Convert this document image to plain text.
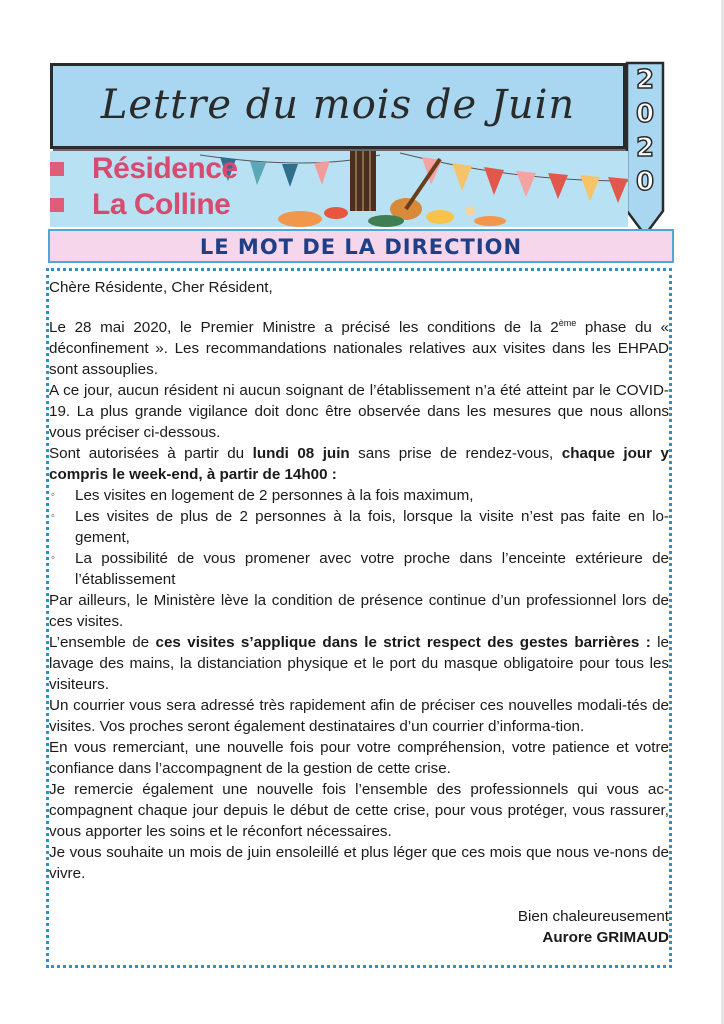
Lettre du mois de Juin
2
0
2
0
Résidence
La Colline
LE MOT DE LA DIRECTION

Chère Résidente, Cher Résident,

Le 28 mai 2020, le Premier Ministre a précisé les conditions de la 2ème phase du « déconfinement ». Les recommandations nationales relatives aux visites dans les EHPAD sont assouplies.

A ce jour, aucun résident ni aucun soignant de l’établissement n’a été atteint par le COVID-19. La plus grande vigilance doit donc être observée dans les mesures que nous allons vous préciser ci-dessous.

Sont autorisées à partir du lundi 08 juin sans prise de rendez-vous, chaque jour y compris le week-end, à partir de 14h00 :

◦ Les visites en logement de 2 personnes à la fois maximum,
◦ Les visites de plus de 2 personnes à la fois, lorsque la visite n’est pas faite en lo-gement,
◦ La possibilité de vous promener avec votre proche dans l’enceinte extérieure de l’établissement

Par ailleurs, le Ministère lève la condition de présence continue d’un professionnel lors de ces visites.

L’ensemble de ces visites s’applique dans le strict respect des gestes barrières : le lavage des mains, la distanciation physique et le port du masque obligatoire pour tous les visiteurs.

Un courrier vous sera adressé très rapidement afin de préciser ces nouvelles modali-tés de visites. Vos proches seront également destinataires d’un courrier d’informa-tion.

En vous remerciant, une nouvelle fois pour votre compréhension, votre patience et votre confiance dans l’accompagnent de la gestion de cette crise.

Je remercie également une nouvelle fois l’ensemble des professionnels qui vous ac-compagnent chaque jour depuis le début de cette crise, pour vous protéger, vous rassurer, vous apporter les soins et le réconfort nécessaires.

Je vous souhaite un mois de juin ensoleillé et plus léger que ces mois que nous ve-nons de vivre.

Bien chaleureusement

Aurore GRIMAUD
